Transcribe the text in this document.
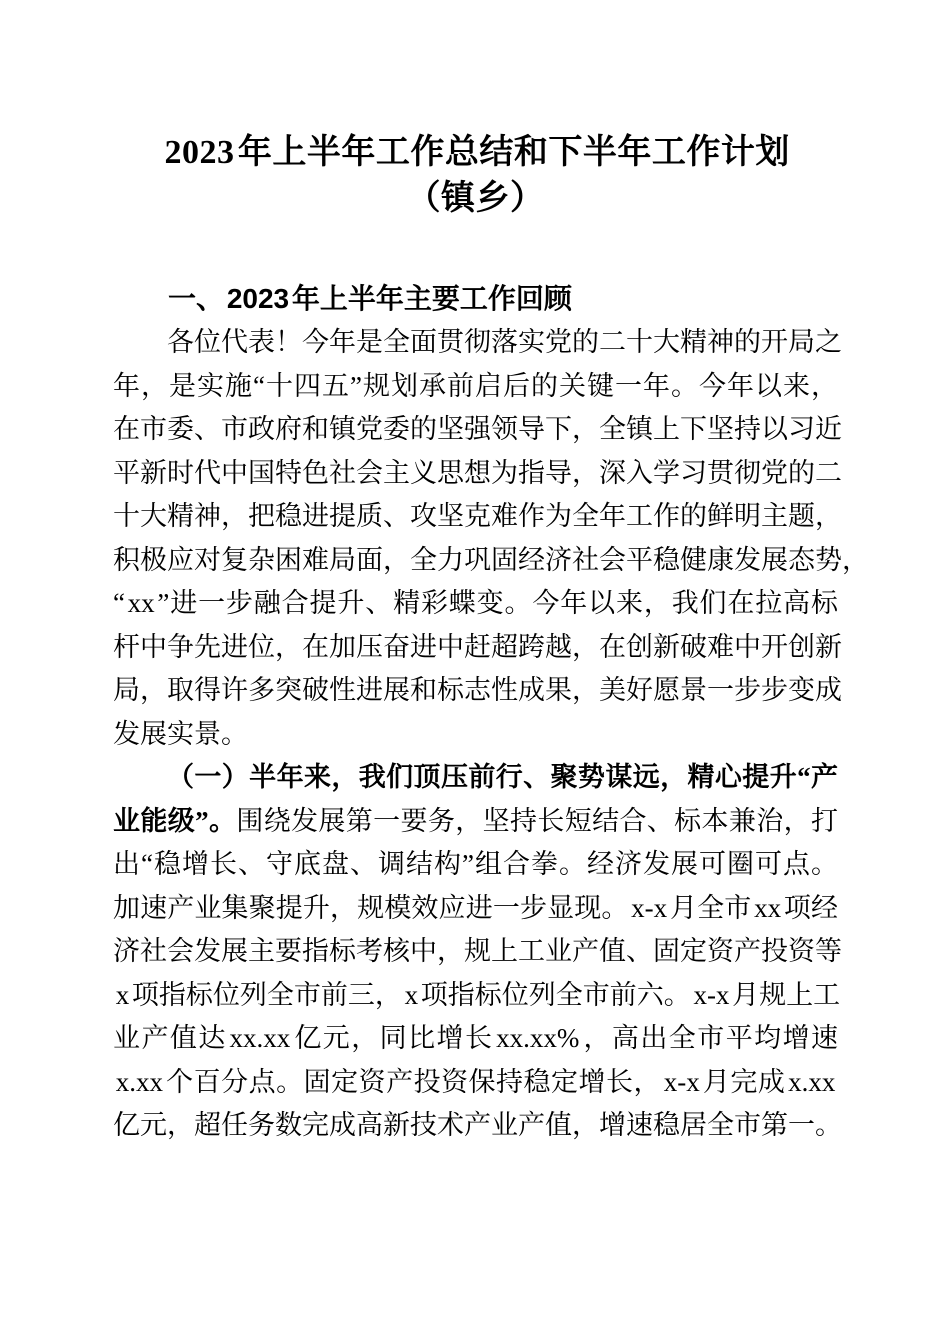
2023年上半年工作总结和下半年工作计划
（镇乡）
一、2023年上半年主要工作回顾
各位代表！今年是全面贯彻落实党的二十大精神的开局之
年，是实施“十四五”规划承前启后的关键一年。今年以来，
在市委、市政府和镇党委的坚强领导下，全镇上下坚持以习近
平新时代中国特色社会主义思想为指导，深入学习贯彻党的二
十大精神，把稳进提质、攻坚克难作为全年工作的鲜明主题，
积极应对复杂困难局面，全力巩固经济社会平稳健康发展态势，
“xx”进一步融合提升、精彩蝶变。今年以来，我们在拉高标
杆中争先进位，在加压奋进中赶超跨越，在创新破难中开创新
局，取得许多突破性进展和标志性成果，美好愿景一步步变成
发展实景。
（一）半年来，我们顶压前行、聚势谋远，精心提升“产
业能级”。围绕发展第一要务，坚持长短结合、标本兼治，打
出“稳增长、守底盘、调结构”组合拳。经济发展可圈可点。
加速产业集聚提升，规模效应进一步显现。x-x月全市xx项经
济社会发展主要指标考核中，规上工业产值、固定资产投资等
x项指标位列全市前三，x项指标位列全市前六。x-x月规上工
业产值达xx.xx亿元，同比增长xx.xx%，高出全市平均增速
x.xx个百分点。固定资产投资保持稳定增长，x-x月完成x.xx
亿元，超任务数完成高新技术产业产值，增速稳居全市第一。
